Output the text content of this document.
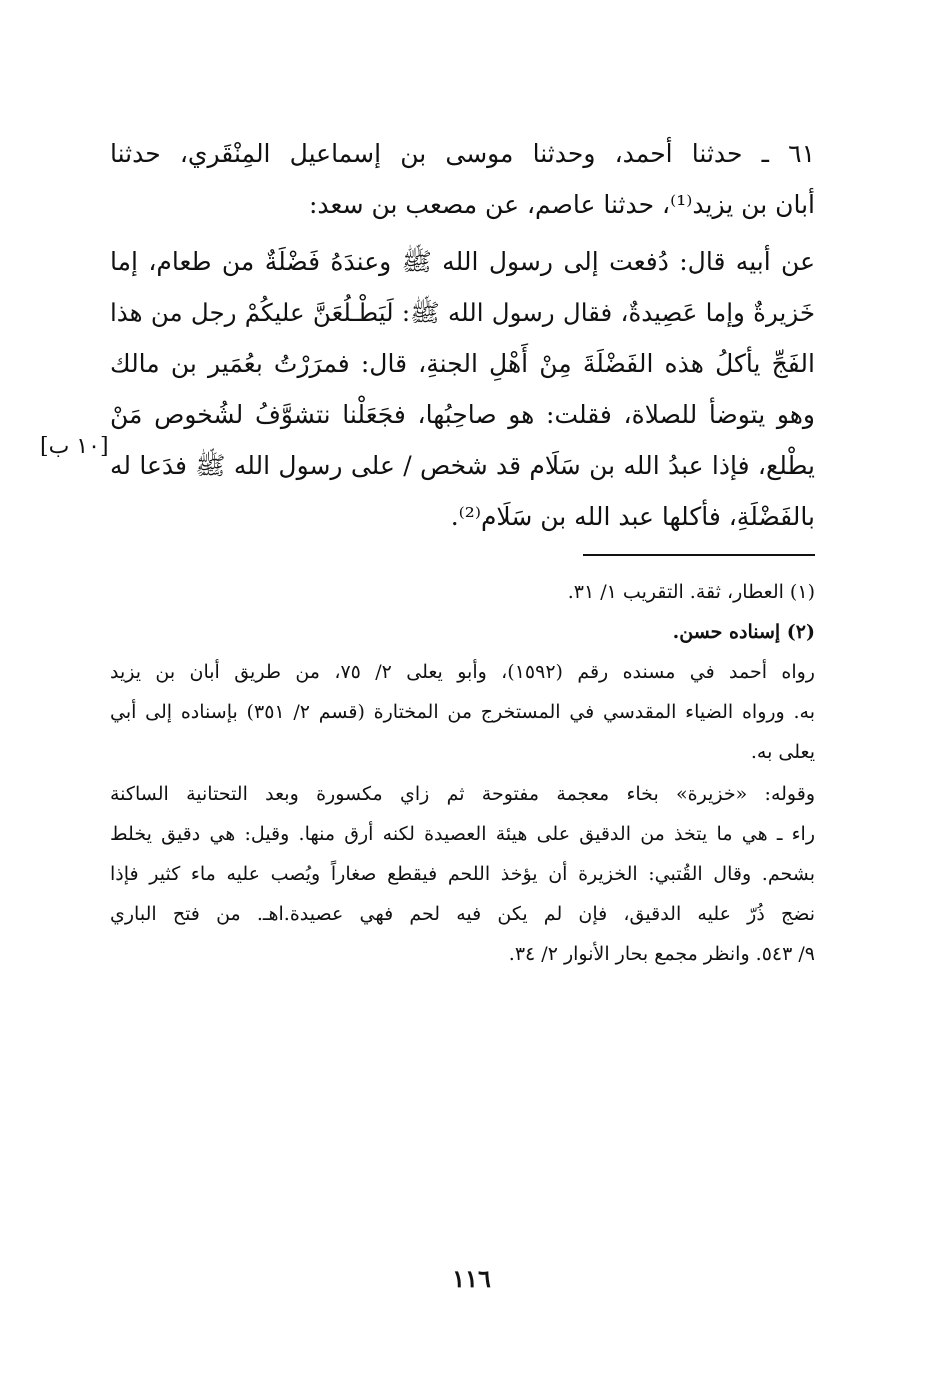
٦١ ـ حدثنا أحمد، وحدثنا موسى بن إسماعيل المِنْقَري، حدثنا
أبان بن يزيد⁽¹⁾، حدثنا عاصم، عن مصعب بن سعد:
عن أبيه قال: دُفعت إلى رسول الله ﷺ وعندَهُ فَضْلَةٌ من طعام، إما
خَزيرةٌ وإما عَصِيدةٌ، فقال رسول الله ﷺ: لَيَطْـلُعَنَّ عليكُمْ رجل من هذا
الفَجِّ يأكلُ هذه الفَضْلَةَ مِنْ أَهْلِ الجنةِ، قال: فمرَرْتُ بعُمَير بن مالك
وهو يتوضأ للصلاة، فقلت: هو صاحِبُها، فجَعَلْنا نتشوَّفُ لشُخوص مَنْ
يطْلع، فإذا عبدُ الله بن سَلَام قد شخص / على رسول الله ﷺ فدَعا له
بالفَضْلَةِ، فأكلها عبد الله بن سَلَام⁽²⁾.
[١٠ ب]
(١) العطار، ثقة. التقريب ١/ ٣١.
(٢) إسناده حسن.
رواه أحمد في مسنده رقم (١٥٩٢)، وأبو يعلى ٢/ ٧٥، من طريق أبان بن يزيد
به. ورواه الضياء المقدسي في المستخرج من المختارة (قسم ٢/ ٣٥١) بإسناده إلى أبي
يعلى به.
وقوله: «خزيرة» بخاء معجمة مفتوحة ثم زاي مكسورة وبعد التحتانية الساكنة
راء ـ هي ما يتخذ من الدقيق على هيئة العصيدة لكنه أرق منها. وقيل: هي دقيق يخلط
بشحم. وقال القُتبي: الخزيرة أن يؤخذ اللحم فيقطع صغاراً ويُصب عليه ماء كثير فإذا
نضج ذُرّ عليه الدقيق، فإن لم يكن فيه لحم فهي عصيدة.اهـ. من فتح الباري
٩/ ٥٤٣. وانظر مجمع بحار الأنوار ٢/ ٣٤.
١١٦
